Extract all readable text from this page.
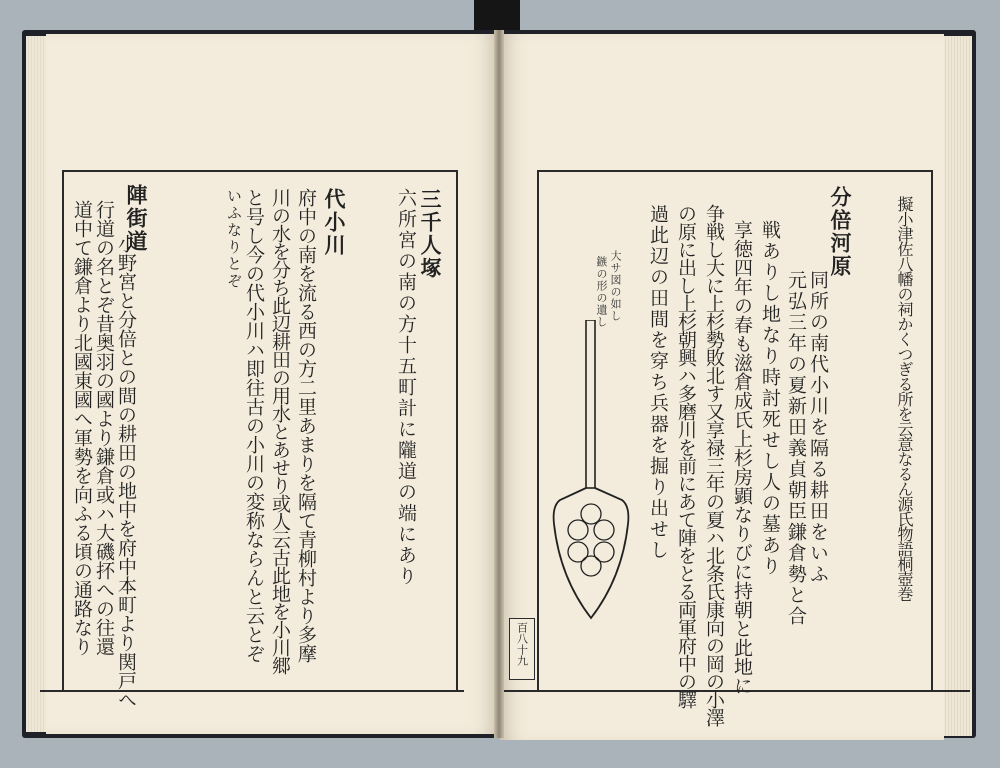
三千人塚
六所宮の南の方十五町計に隴道の端にあり
代小川
府中の南を流る西の方二里あまりを隔て青柳村より多摩
川の水を分ち此辺耕田の用水とあせり或人云古此地を小川郷
と号し今の代小川ハ即往古の小川の変称ならんと云とぞ
いふなりとぞ
陣街道
小野宮と分倍との間の耕田の地中を府中本町より関戸へ
行道の名とぞ昔奥羽の國より鎌倉或ハ大磯抔への往還
道中て鎌倉より北國東國へ軍勢を向ふる頃の通路なり	擬小津佐八幡の祠かくつぎる所を云意なるん源氏物語桐壺巻
分倍河原
同所の南代小川を隔る耕田をいふ
元弘三年の夏新田義貞朝臣鎌倉勢と合
戦ありし地なり時討死せし人の墓あり
享徳四年の春も滋倉成氏上杉房顕なりびに持朝と此地に
争戦し大に上杉勢敗北す又享禄三年の夏ハ北条氏康向の岡の小澤
の原に出し上杉朝興ハ多磨川を前にあて陣をとる両軍府中の驛
過此辺の田間を穿ち兵器を掘り出せし
大サ図の如し
鏃の形の遺し
百八十九
